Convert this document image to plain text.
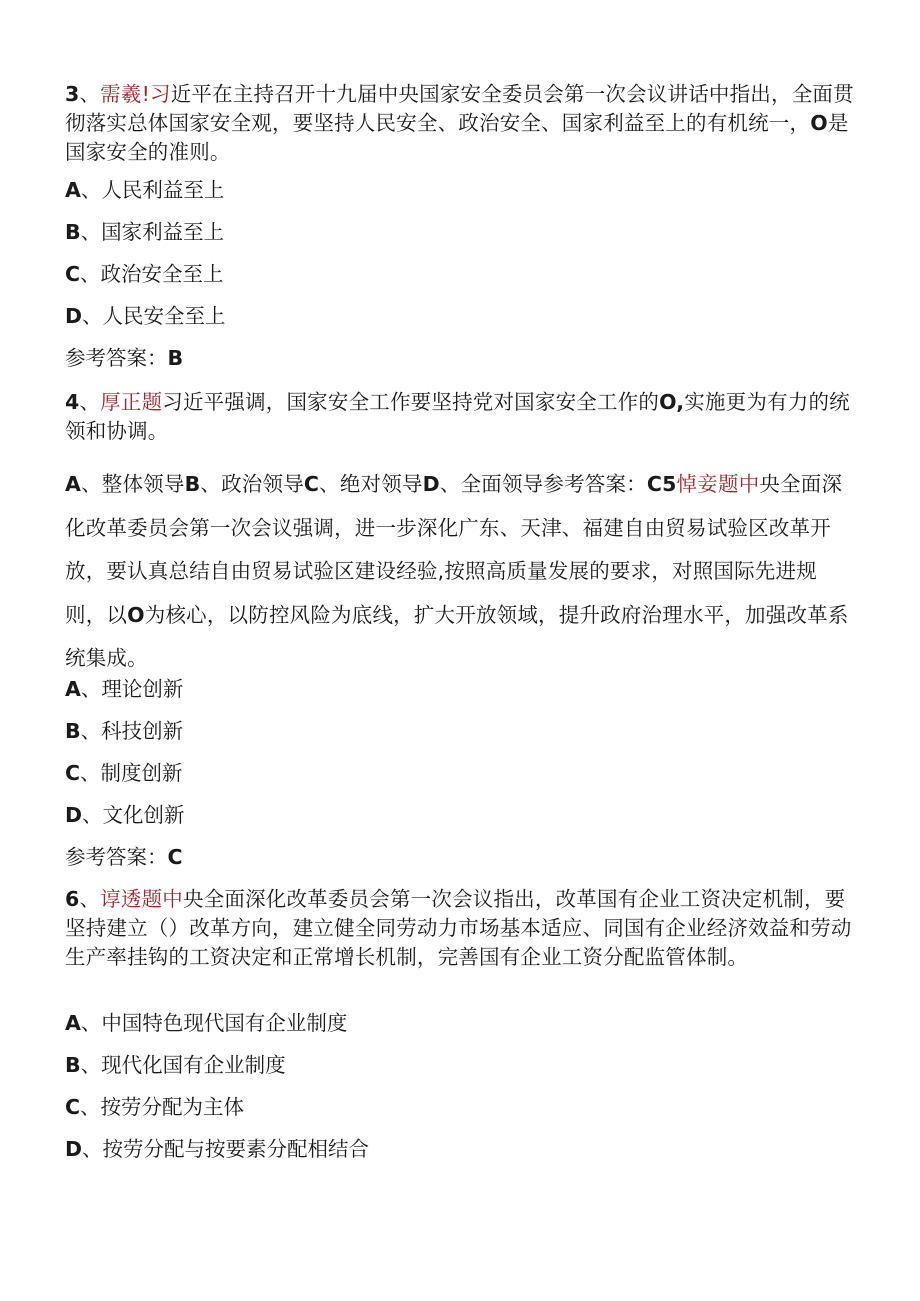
3、需羲!习近平在主持召开十九届中央国家安全委员会第一次会议讲话中指出，全面贯彻落实总体国家安全观，要坚持人民安全、政治安全、国家利益至上的有机统一，O是国家安全的准则。

A、人民利益至上

B、国家利益至上

C、政治安全至上

D、人民安全至上

参考答案：B

4、厚正题习近平强调，国家安全工作要坚持党对国家安全工作的O,实施更为有力的统领和协调。

A、整体领导B、政治领导C、绝对领导D、全面领导参考答案：C5悼妾题中央全面深化改革委员会第一次会议强调，进一步深化广东、天津、福建自由贸易试验区改革开放，要认真总结自由贸易试验区建设经验,按照高质量发展的要求，对照国际先进规则，以O为核心，以防控风险为底线，扩大开放领域，提升政府治理水平，加强改革系统集成。

A、理论创新

B、科技创新

C、制度创新

D、文化创新

参考答案：C

6、谆透题中央全面深化改革委员会第一次会议指出，改革国有企业工资决定机制，要坚持建立（）改革方向，建立健全同劳动力市场基本适应、同国有企业经济效益和劳动生产率挂钩的工资决定和正常增长机制，完善国有企业工资分配监管体制。

A、中国特色现代国有企业制度

B、现代化国有企业制度

C、按劳分配为主体

D、按劳分配与按要素分配相结合
